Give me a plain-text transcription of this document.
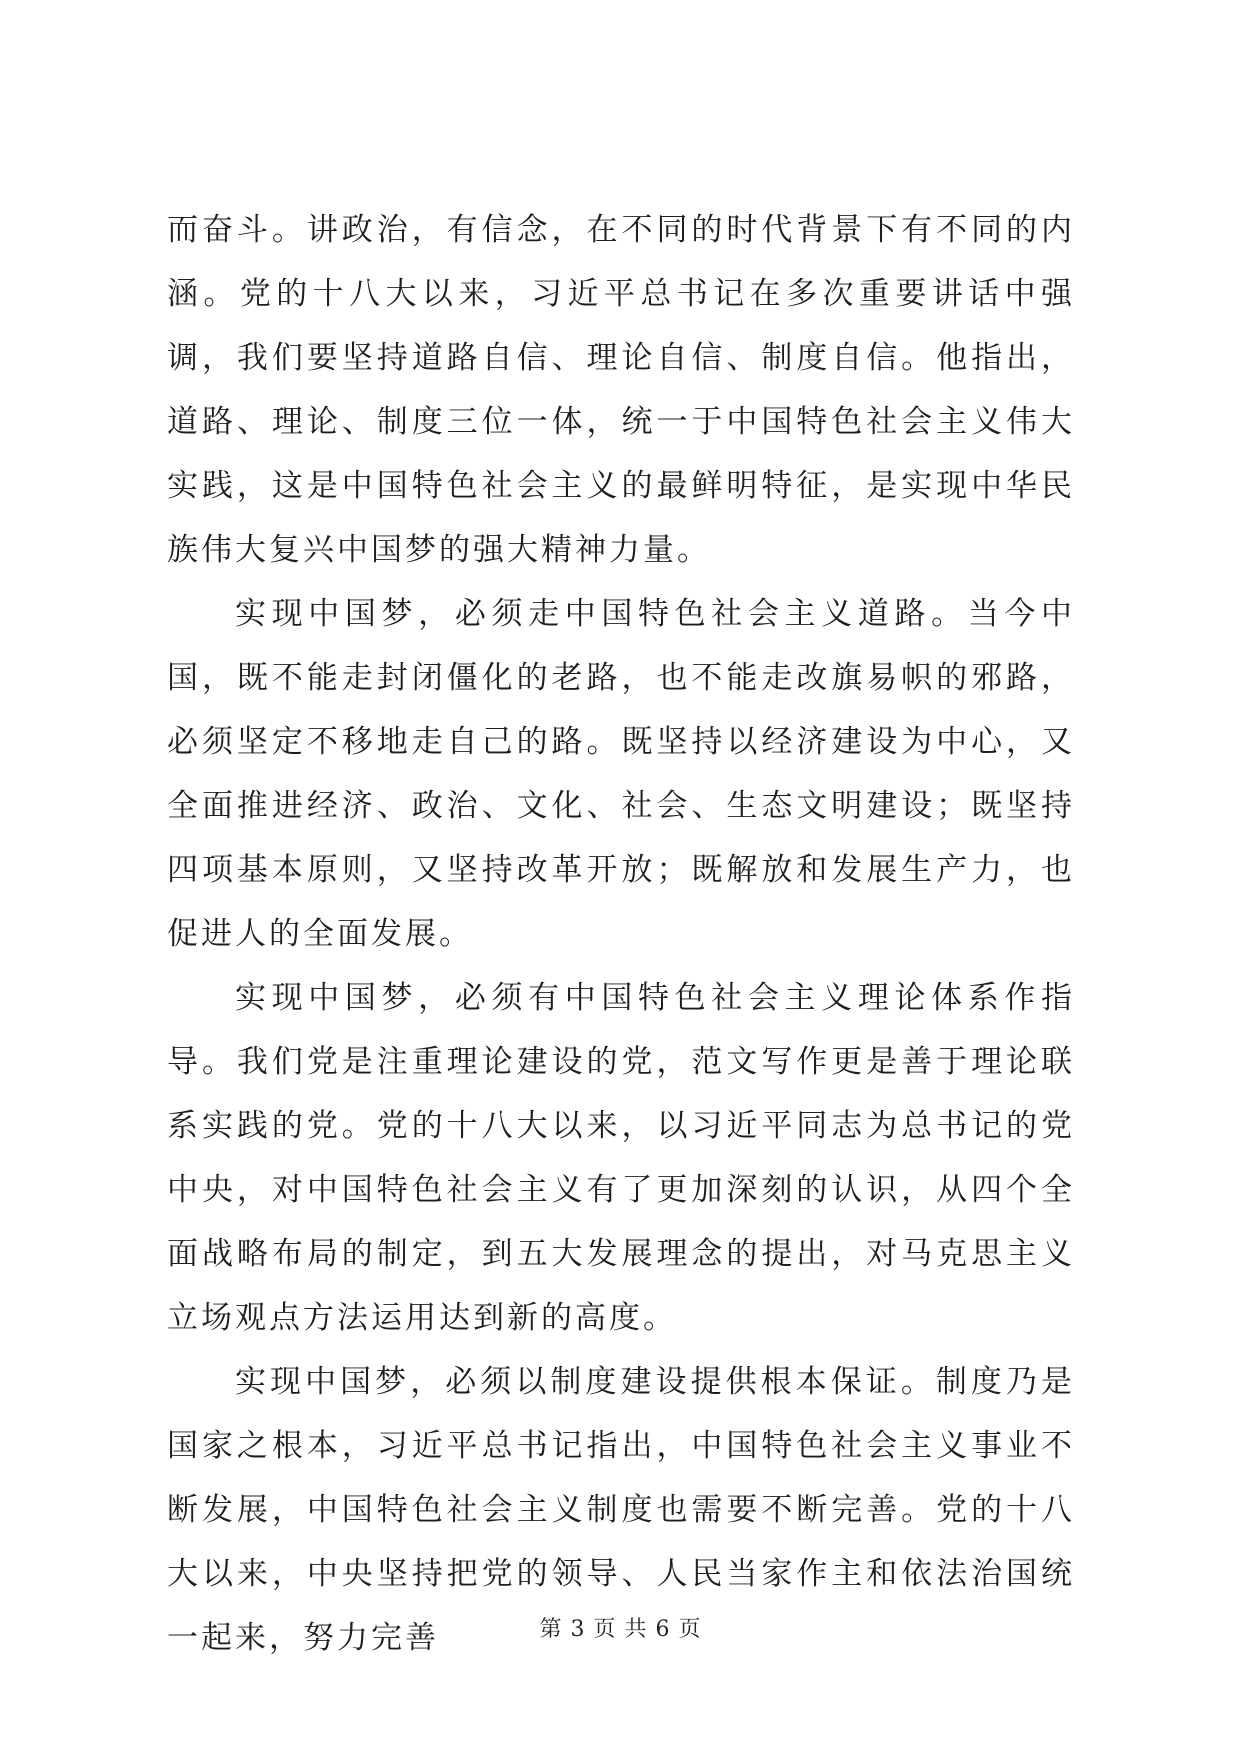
而奋斗。讲政治，有信念，在不同的时代背景下有不同的内涵。党的十八大以来，习近平总书记在多次重要讲话中强调，我们要坚持道路自信、理论自信、制度自信。他指出，道路、理论、制度三位一体，统一于中国特色社会主义伟大实践，这是中国特色社会主义的最鲜明特征，是实现中华民族伟大复兴中国梦的强大精神力量。

实现中国梦，必须走中国特色社会主义道路。当今中国，既不能走封闭僵化的老路，也不能走改旗易帜的邪路，必须坚定不移地走自己的路。既坚持以经济建设为中心，又全面推进经济、政治、文化、社会、生态文明建设；既坚持四项基本原则，又坚持改革开放；既解放和发展生产力，也促进人的全面发展。

实现中国梦，必须有中国特色社会主义理论体系作指导。我们党是注重理论建设的党，范文写作更是善于理论联系实践的党。党的十八大以来，以习近平同志为总书记的党中央，对中国特色社会主义有了更加深刻的认识，从四个全面战略布局的制定，到五大发展理念的提出，对马克思主义立场观点方法运用达到新的高度。

实现中国梦，必须以制度建设提供根本保证。制度乃是国家之根本，习近平总书记指出，中国特色社会主义事业不断发展，中国特色社会主义制度也需要不断完善。党的十八大以来，中央坚持把党的领导、人民当家作主和依法治国统一起来，努力完善	第 3 页 共 6 页
